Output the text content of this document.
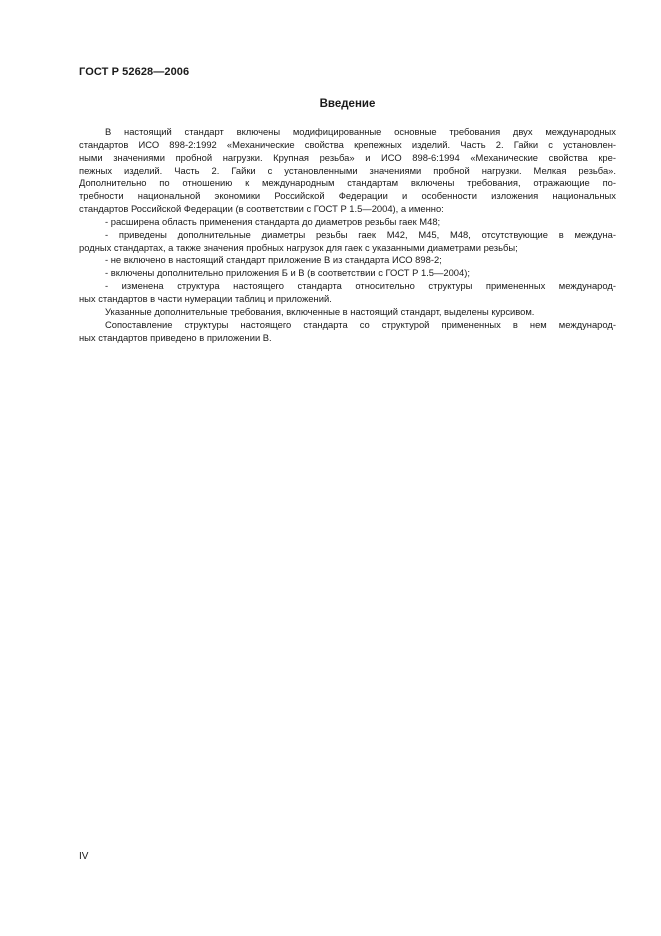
ГОСТ Р 52628—2006
Введение
В настоящий стандарт включены модифицированные основные требования двух международных
стандартов ИСО 898-2:1992 «Механические свойства крепежных изделий. Часть 2. Гайки с установлен-
ными значениями пробной нагрузки. Крупная резьба» и ИСО 898-6:1994 «Механические свойства кре-
пежных изделий. Часть 2. Гайки с установленными значениями пробной нагрузки. Мелкая резьба».
Дополнительно по отношению к международным стандартам включены требования, отражающие по-
требности национальной экономики Российской Федерации и особенности изложения национальных
стандартов Российской Федерации (в соответствии с ГОСТ Р 1.5—2004), а именно:
- расширена область применения стандарта до диаметров резьбы гаек М48;
- приведены дополнительные диаметры резьбы гаек М42, М45, М48, отсутствующие в междуна-
родных стандартах, а также значения пробных нагрузок для гаек с указанными диаметрами резьбы;
- не включено в настоящий стандарт приложение В из стандарта ИСО 898-2;
- включены дополнительно приложения Б и В (в соответствии с ГОСТ Р 1.5—2004);
- изменена структура настоящего стандарта относительно структуры примененных международ-
ных стандартов в части нумерации таблиц и приложений.
Указанные дополнительные требования, включенные в настоящий стандарт, выделены курсивом.
Сопоставление структуры настоящего стандарта со структурой примененных в нем международ-
ных стандартов приведено в приложении В.
IV
